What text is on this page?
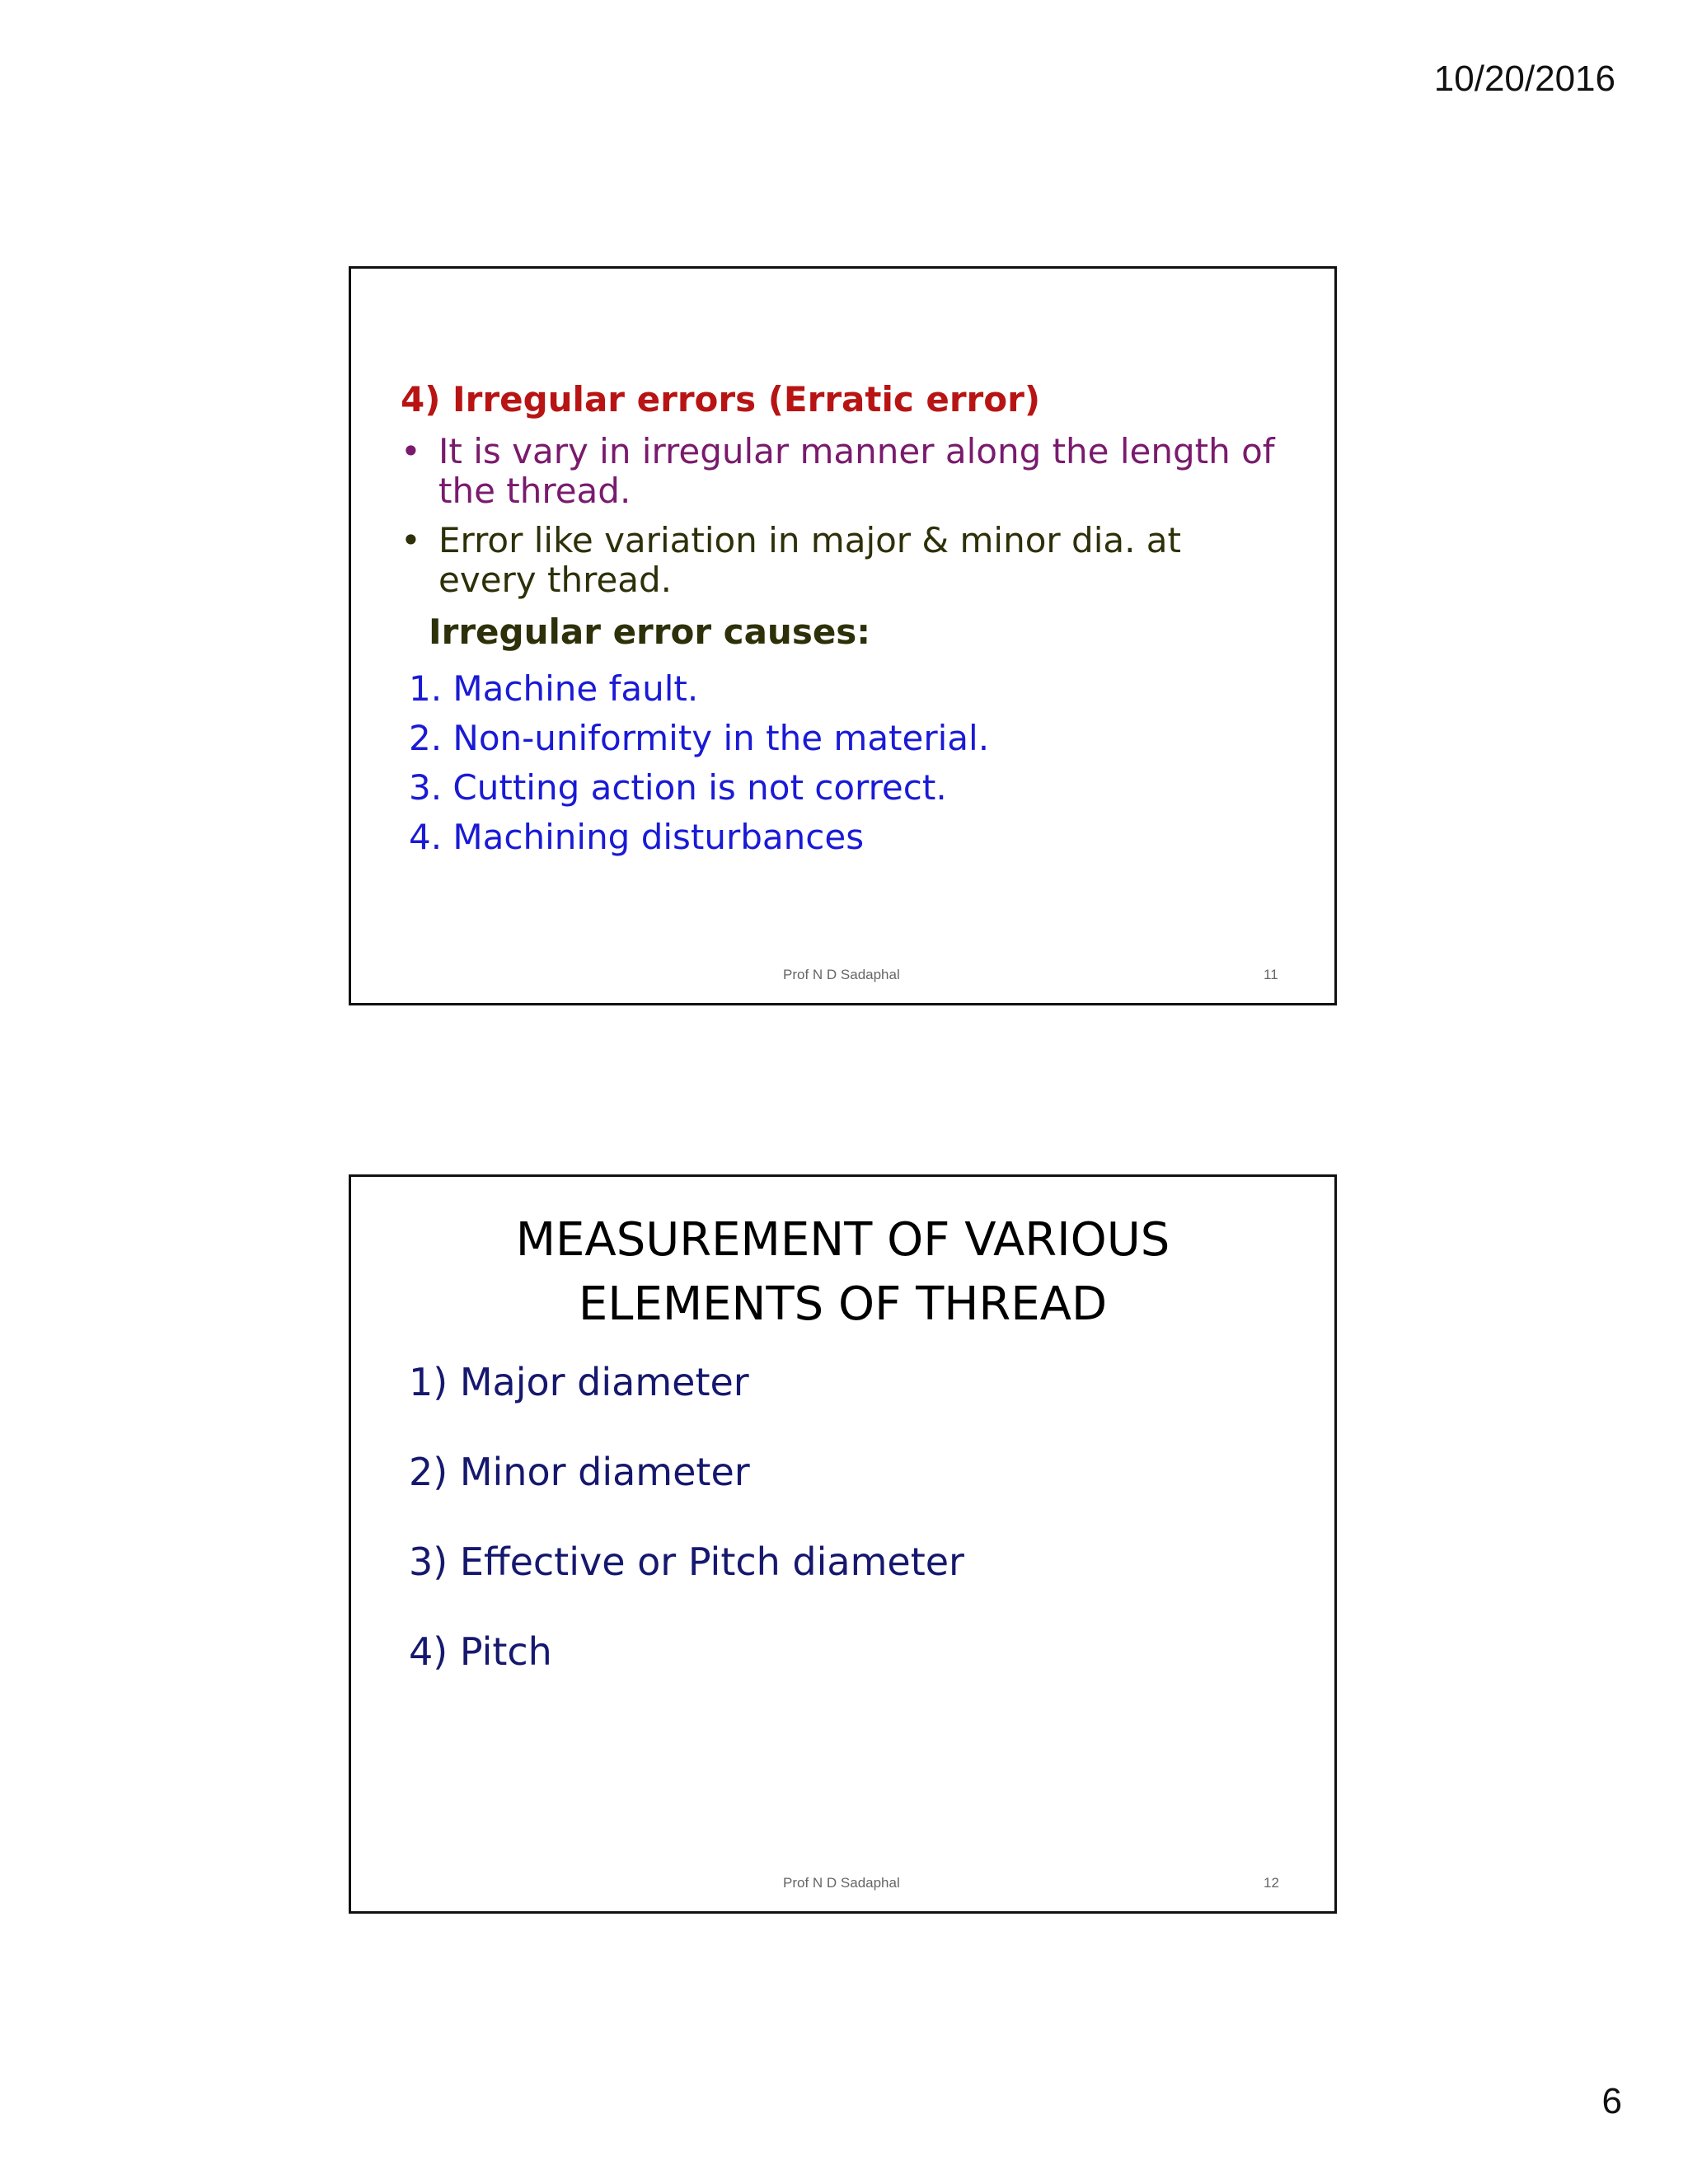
10/20/2016
4) Irregular errors (Erratic error)
• It is vary in irregular manner along the length of the thread.
• Error like variation in major & minor dia. at every thread.
Irregular error causes:
1. Machine fault.
2. Non-uniformity in the material.
3. Cutting action is not correct.
4. Machining disturbances
Prof N D Sadaphal	11
MEASUREMENT OF VARIOUS
ELEMENTS OF THREAD
1) Major diameter
2) Minor diameter
3) Effective or Pitch diameter
4) Pitch
Prof N D Sadaphal	12
6
